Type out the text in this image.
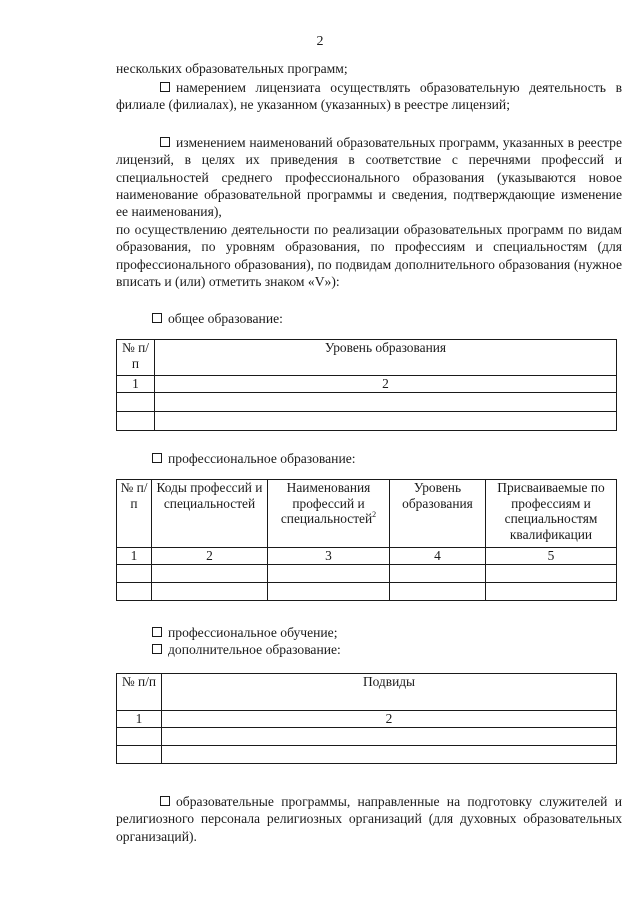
2
нескольких образовательных программ;
намерением лицензиата осуществлять образовательную деятельность в филиале (филиалах), не указанном (указанных) в реестре лицензий;
изменением наименований образовательных программ, указанных в реестре лицензий, в целях их приведения в соответствие с перечнями профессий и специальностей среднего профессионального образования (указываются новое наименование образовательной программы и сведения, подтверждающие изменение ее наименования),
по осуществлению деятельности по реализации образовательных программ по видам образования, по уровням образования, по профессиям и специальностям (для профессионального образования), по подвидам дополнительного образования (нужное вписать и (или) отметить знаком «V»):
общее образование:
№ п/п	Уровень образования
1	2

профессиональное образование:
№ п/п	Коды профессий и специальностей	Наименования профессий и специальностей$^2$	Уровень образования	Присваиваемые по профессиям и специальностям квалификации
1	2	3	4	5

профессиональное обучение;
дополнительное образование:
№ п/п	Подвиды
1	2

образовательные программы, направленные на подготовку служителей и религиозного персонала религиозных организаций (для духовных образовательных организаций).
